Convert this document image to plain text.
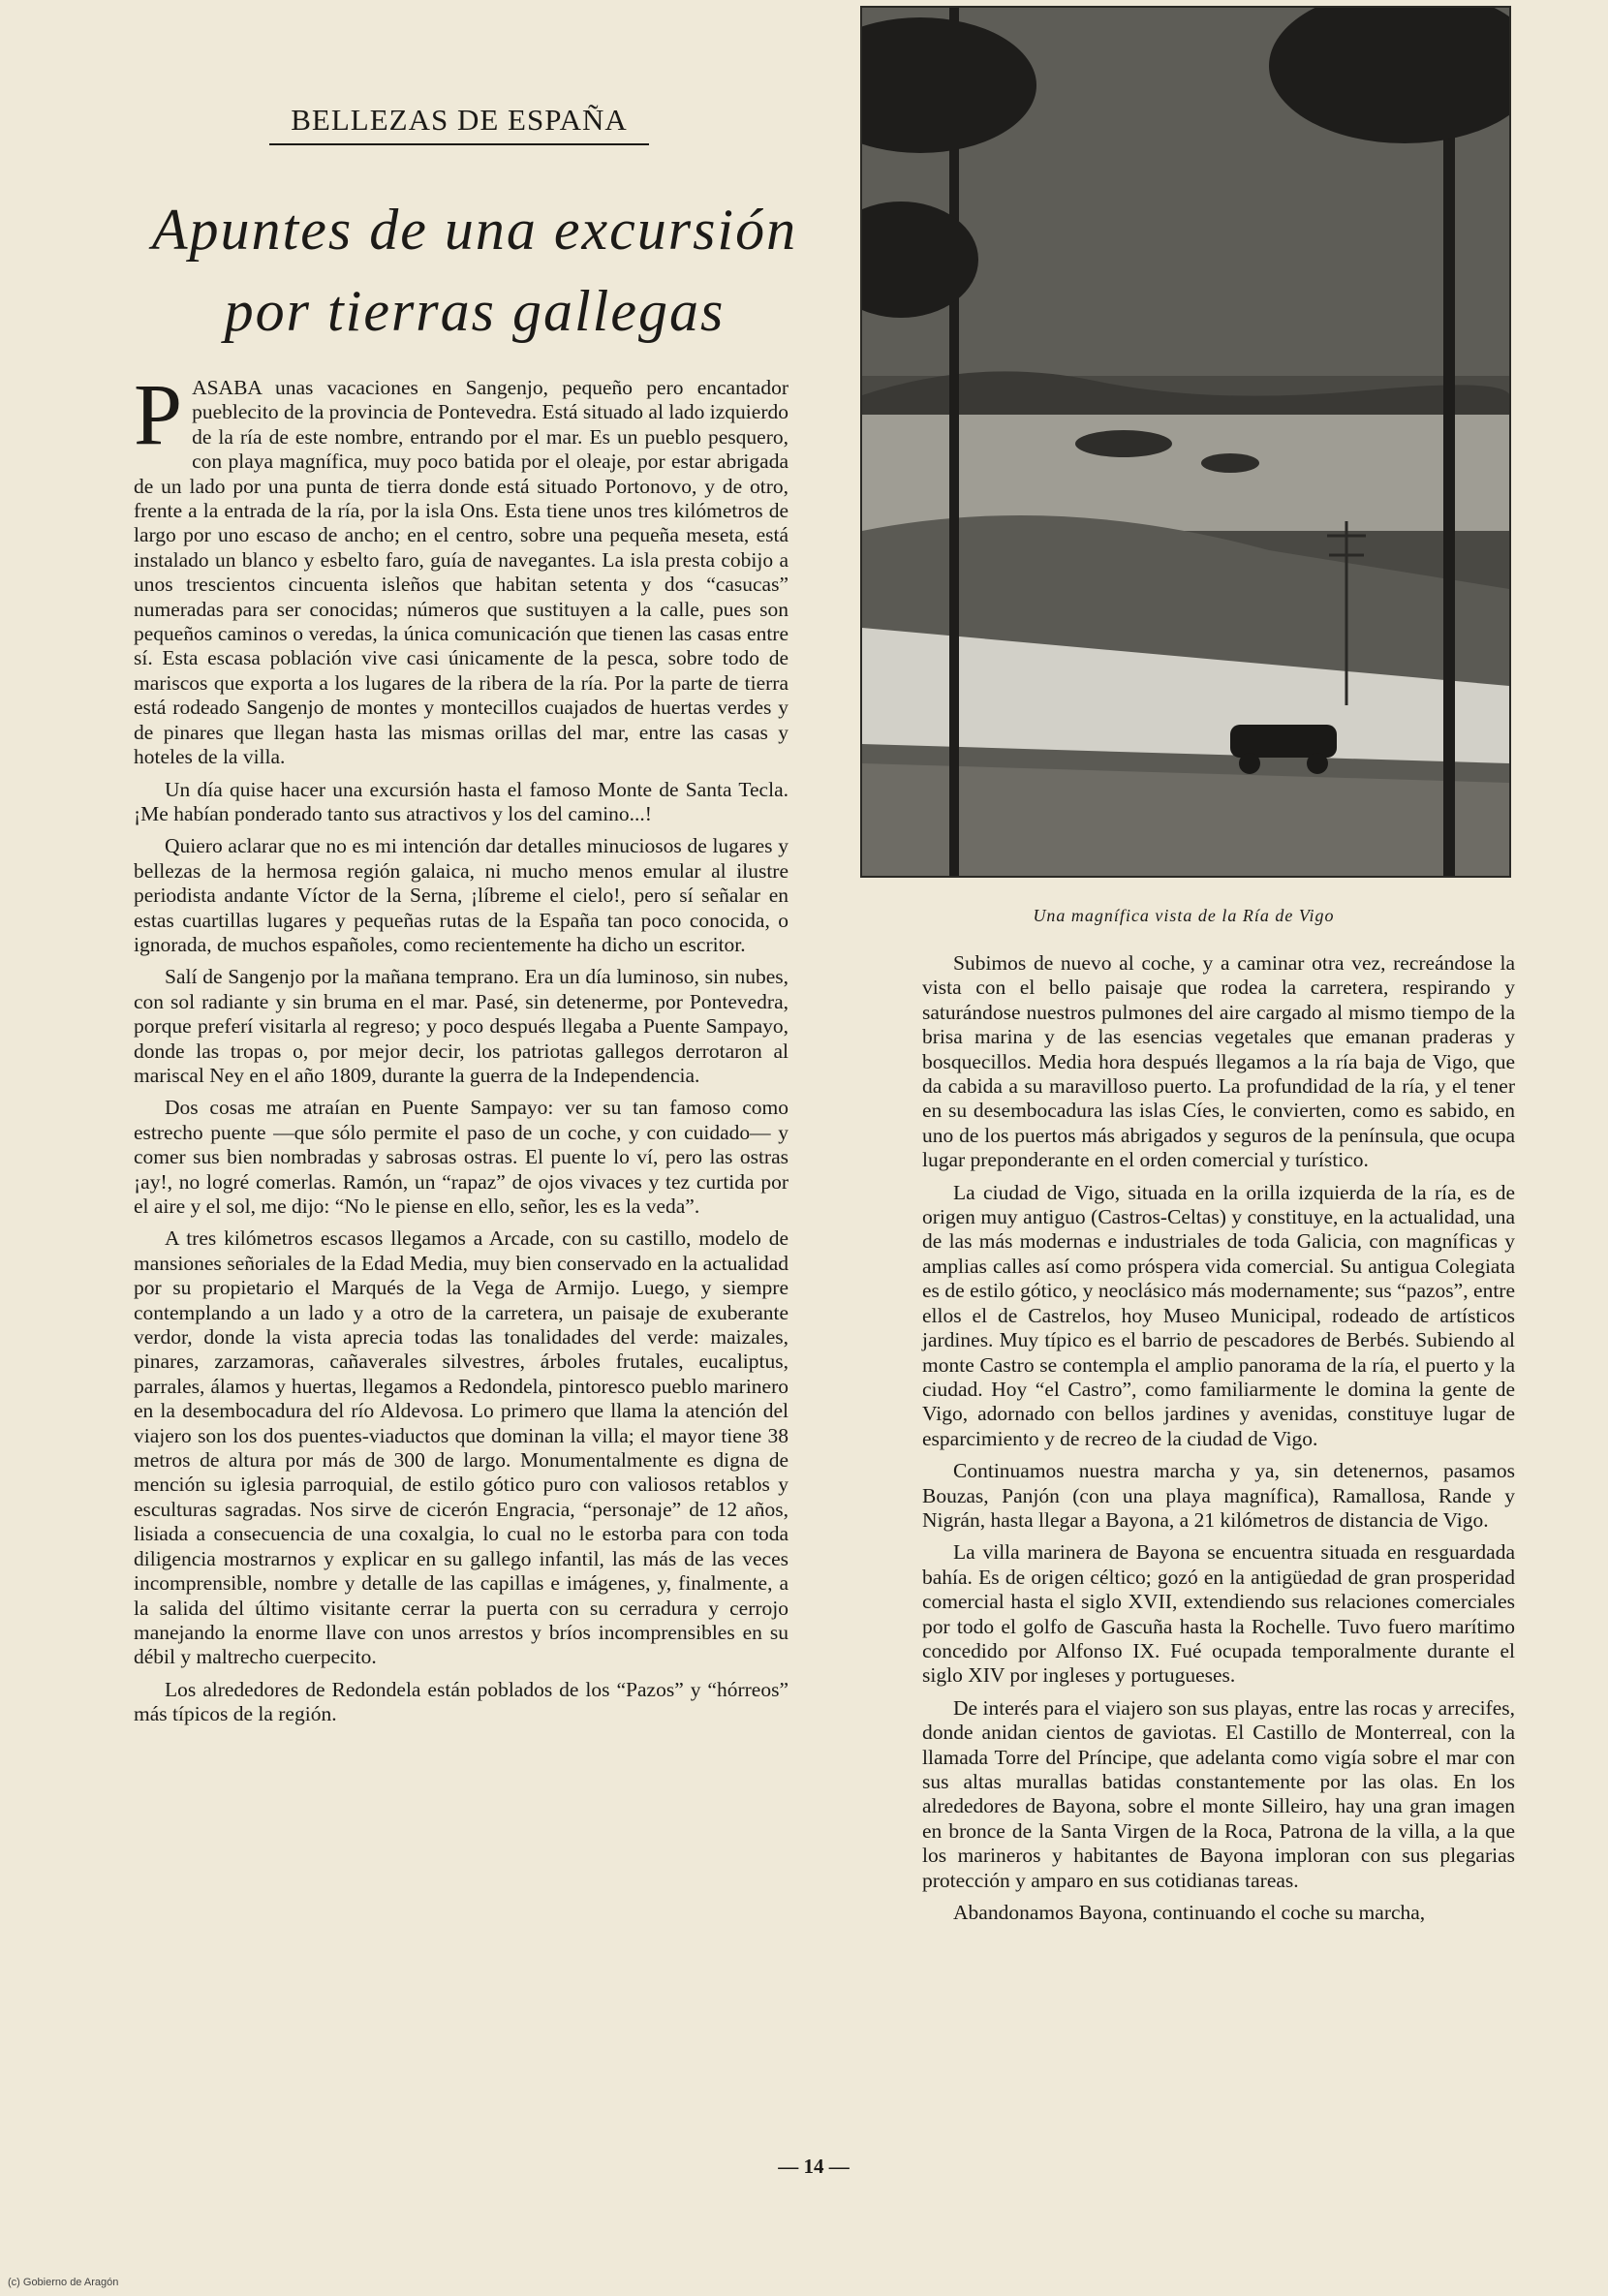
BELLEZAS DE ESPAÑA
Apuntes de una excursión
por tierras gallegas

PASABA unas vacaciones en Sangenjo, pequeño pero encantador pueblecito de la provincia de Pontevedra. Está situado al lado izquierdo de la ría de este nombre, entrando por el mar. Es un pueblo pesquero, con playa magnífica, muy poco batida por el oleaje, por estar abrigada de un lado por una punta de tierra donde está situado Portonovo, y de otro, frente a la entrada de la ría, por la isla Ons. Esta tiene unos tres kilómetros de largo por uno escaso de ancho; en el centro, sobre una pequeña meseta, está instalado un blanco y esbelto faro, guía de navegantes. La isla presta cobijo a unos trescientos cincuenta isleños que habitan setenta y dos “casucas” numeradas para ser conocidas; números que sustituyen a la calle, pues son pequeños caminos o veredas, la única comunicación que tienen las casas entre sí. Esta escasa población vive casi únicamente de la pesca, sobre todo de mariscos que exporta a los lugares de la ribera de la ría. Por la parte de tierra está rodeado Sangenjo de montes y montecillos cuajados de huertas verdes y de pinares que llegan hasta las mismas orillas del mar, entre las casas y hoteles de la villa.

Un día quise hacer una excursión hasta el famoso Monte de Santa Tecla. ¡Me habían ponderado tanto sus atractivos y los del camino...!

Quiero aclarar que no es mi intención dar detalles minuciosos de lugares y bellezas de la hermosa región galaica, ni mucho menos emular al ilustre periodista andante Víctor de la Serna, ¡líbreme el cielo!, pero sí señalar en estas cuartillas lugares y pequeñas rutas de la España tan poco conocida, o ignorada, de muchos españoles, como recientemente ha dicho un escritor.

Salí de Sangenjo por la mañana temprano. Era un día luminoso, sin nubes, con sol radiante y sin bruma en el mar. Pasé, sin detenerme, por Pontevedra, porque preferí visitarla al regreso; y poco después llegaba a Puente Sampayo, donde las tropas o, por mejor decir, los patriotas gallegos derrotaron al mariscal Ney en el año 1809, durante la guerra de la Independencia.

Dos cosas me atraían en Puente Sampayo: ver su tan famoso como estrecho puente —que sólo permite el paso de un coche, y con cuidado— y comer sus bien nombradas y sabrosas ostras. El puente lo ví, pero las ostras ¡ay!, no logré comerlas. Ramón, un “rapaz” de ojos vivaces y tez curtida por el aire y el sol, me dijo: “No le piense en ello, señor, les es la veda”.

A tres kilómetros escasos llegamos a Arcade, con su castillo, modelo de mansiones señoriales de la Edad Media, muy bien conservado en la actualidad por su propietario el Marqués de la Vega de Armijo. Luego, y siempre contemplando a un lado y a otro de la carretera, un paisaje de exuberante verdor, donde la vista aprecia todas las tonalidades del verde: maizales, pinares, zarzamoras, cañaverales silvestres, árboles frutales, eucaliptus, parrales, álamos y huertas, llegamos a Redondela, pintoresco pueblo marinero en la desembocadura del río Aldevosa. Lo primero que llama la atención del viajero son los dos puentes-viaductos que dominan la villa; el mayor tiene 38 metros de altura por más de 300 de largo. Monumentalmente es digna de mención su iglesia parroquial, de estilo gótico puro con valiosos retablos y esculturas sagradas. Nos sirve de cicerón Engracia, “personaje” de 12 años, lisiada a consecuencia de una coxalgia, lo cual no le estorba para con toda diligencia mostrarnos y explicar en su gallego infantil, las más de las veces incomprensible, nombre y detalle de las capillas e imágenes, y, finalmente, a la salida del último visitante cerrar la puerta con su cerradura y cerrojo manejando la enorme llave con unos arrestos y bríos incomprensibles en su débil y maltrecho cuerpecito.

Los alrededores de Redondela están poblados de los “Pazos” y “hórreos” más típicos de la región.

Una magnífica vista de la Ría de Vigo

Subimos de nuevo al coche, y a caminar otra vez, recreándose la vista con el bello paisaje que rodea la carretera, respirando y saturándose nuestros pulmones del aire cargado al mismo tiempo de la brisa marina y de las esencias vegetales que emanan praderas y bosquecillos. Media hora después llegamos a la ría baja de Vigo, que da cabida a su maravilloso puerto. La profundidad de la ría, y el tener en su desembocadura las islas Cíes, le convierten, como es sabido, en uno de los puertos más abrigados y seguros de la península, que ocupa lugar preponderante en el orden comercial y turístico.

La ciudad de Vigo, situada en la orilla izquierda de la ría, es de origen muy antiguo (Castros-Celtas) y constituye, en la actualidad, una de las más modernas e industriales de toda Galicia, con magníficas y amplias calles así como próspera vida comercial. Su antigua Colegiata es de estilo gótico, y neoclásico más modernamente; sus “pazos”, entre ellos el de Castrelos, hoy Museo Municipal, rodeado de artísticos jardines. Muy típico es el barrio de pescadores de Berbés. Subiendo al monte Castro se contempla el amplio panorama de la ría, el puerto y la ciudad. Hoy “el Castro”, como familiarmente le domina la gente de Vigo, adornado con bellos jardines y avenidas, constituye lugar de esparcimiento y de recreo de la ciudad de Vigo.

Continuamos nuestra marcha y ya, sin detenernos, pasamos Bouzas, Panjón (con una playa magnífica), Ramallosa, Rande y Nigrán, hasta llegar a Bayona, a 21 kilómetros de distancia de Vigo.

La villa marinera de Bayona se encuentra situada en resguardada bahía. Es de origen céltico; gozó en la antigüedad de gran prosperidad comercial hasta el siglo XVII, extendiendo sus relaciones comerciales por todo el golfo de Gascuña hasta la Rochelle. Tuvo fuero marítimo concedido por Alfonso IX. Fué ocupada temporalmente durante el siglo XIV por ingleses y portugueses.

De interés para el viajero son sus playas, entre las rocas y arrecifes, donde anidan cientos de gaviotas. El Castillo de Monterreal, con la llamada Torre del Príncipe, que adelanta como vigía sobre el mar con sus altas murallas batidas constantemente por las olas. En los alrededores de Bayona, sobre el monte Silleiro, hay una gran imagen en bronce de la Santa Virgen de la Roca, Patrona de la villa, a la que los marineros y habitantes de Bayona imploran con sus plegarias protección y amparo en sus cotidianas tareas.

Abandonamos Bayona, continuando el coche su marcha,

— 14 —
(c) Gobierno de Aragón
